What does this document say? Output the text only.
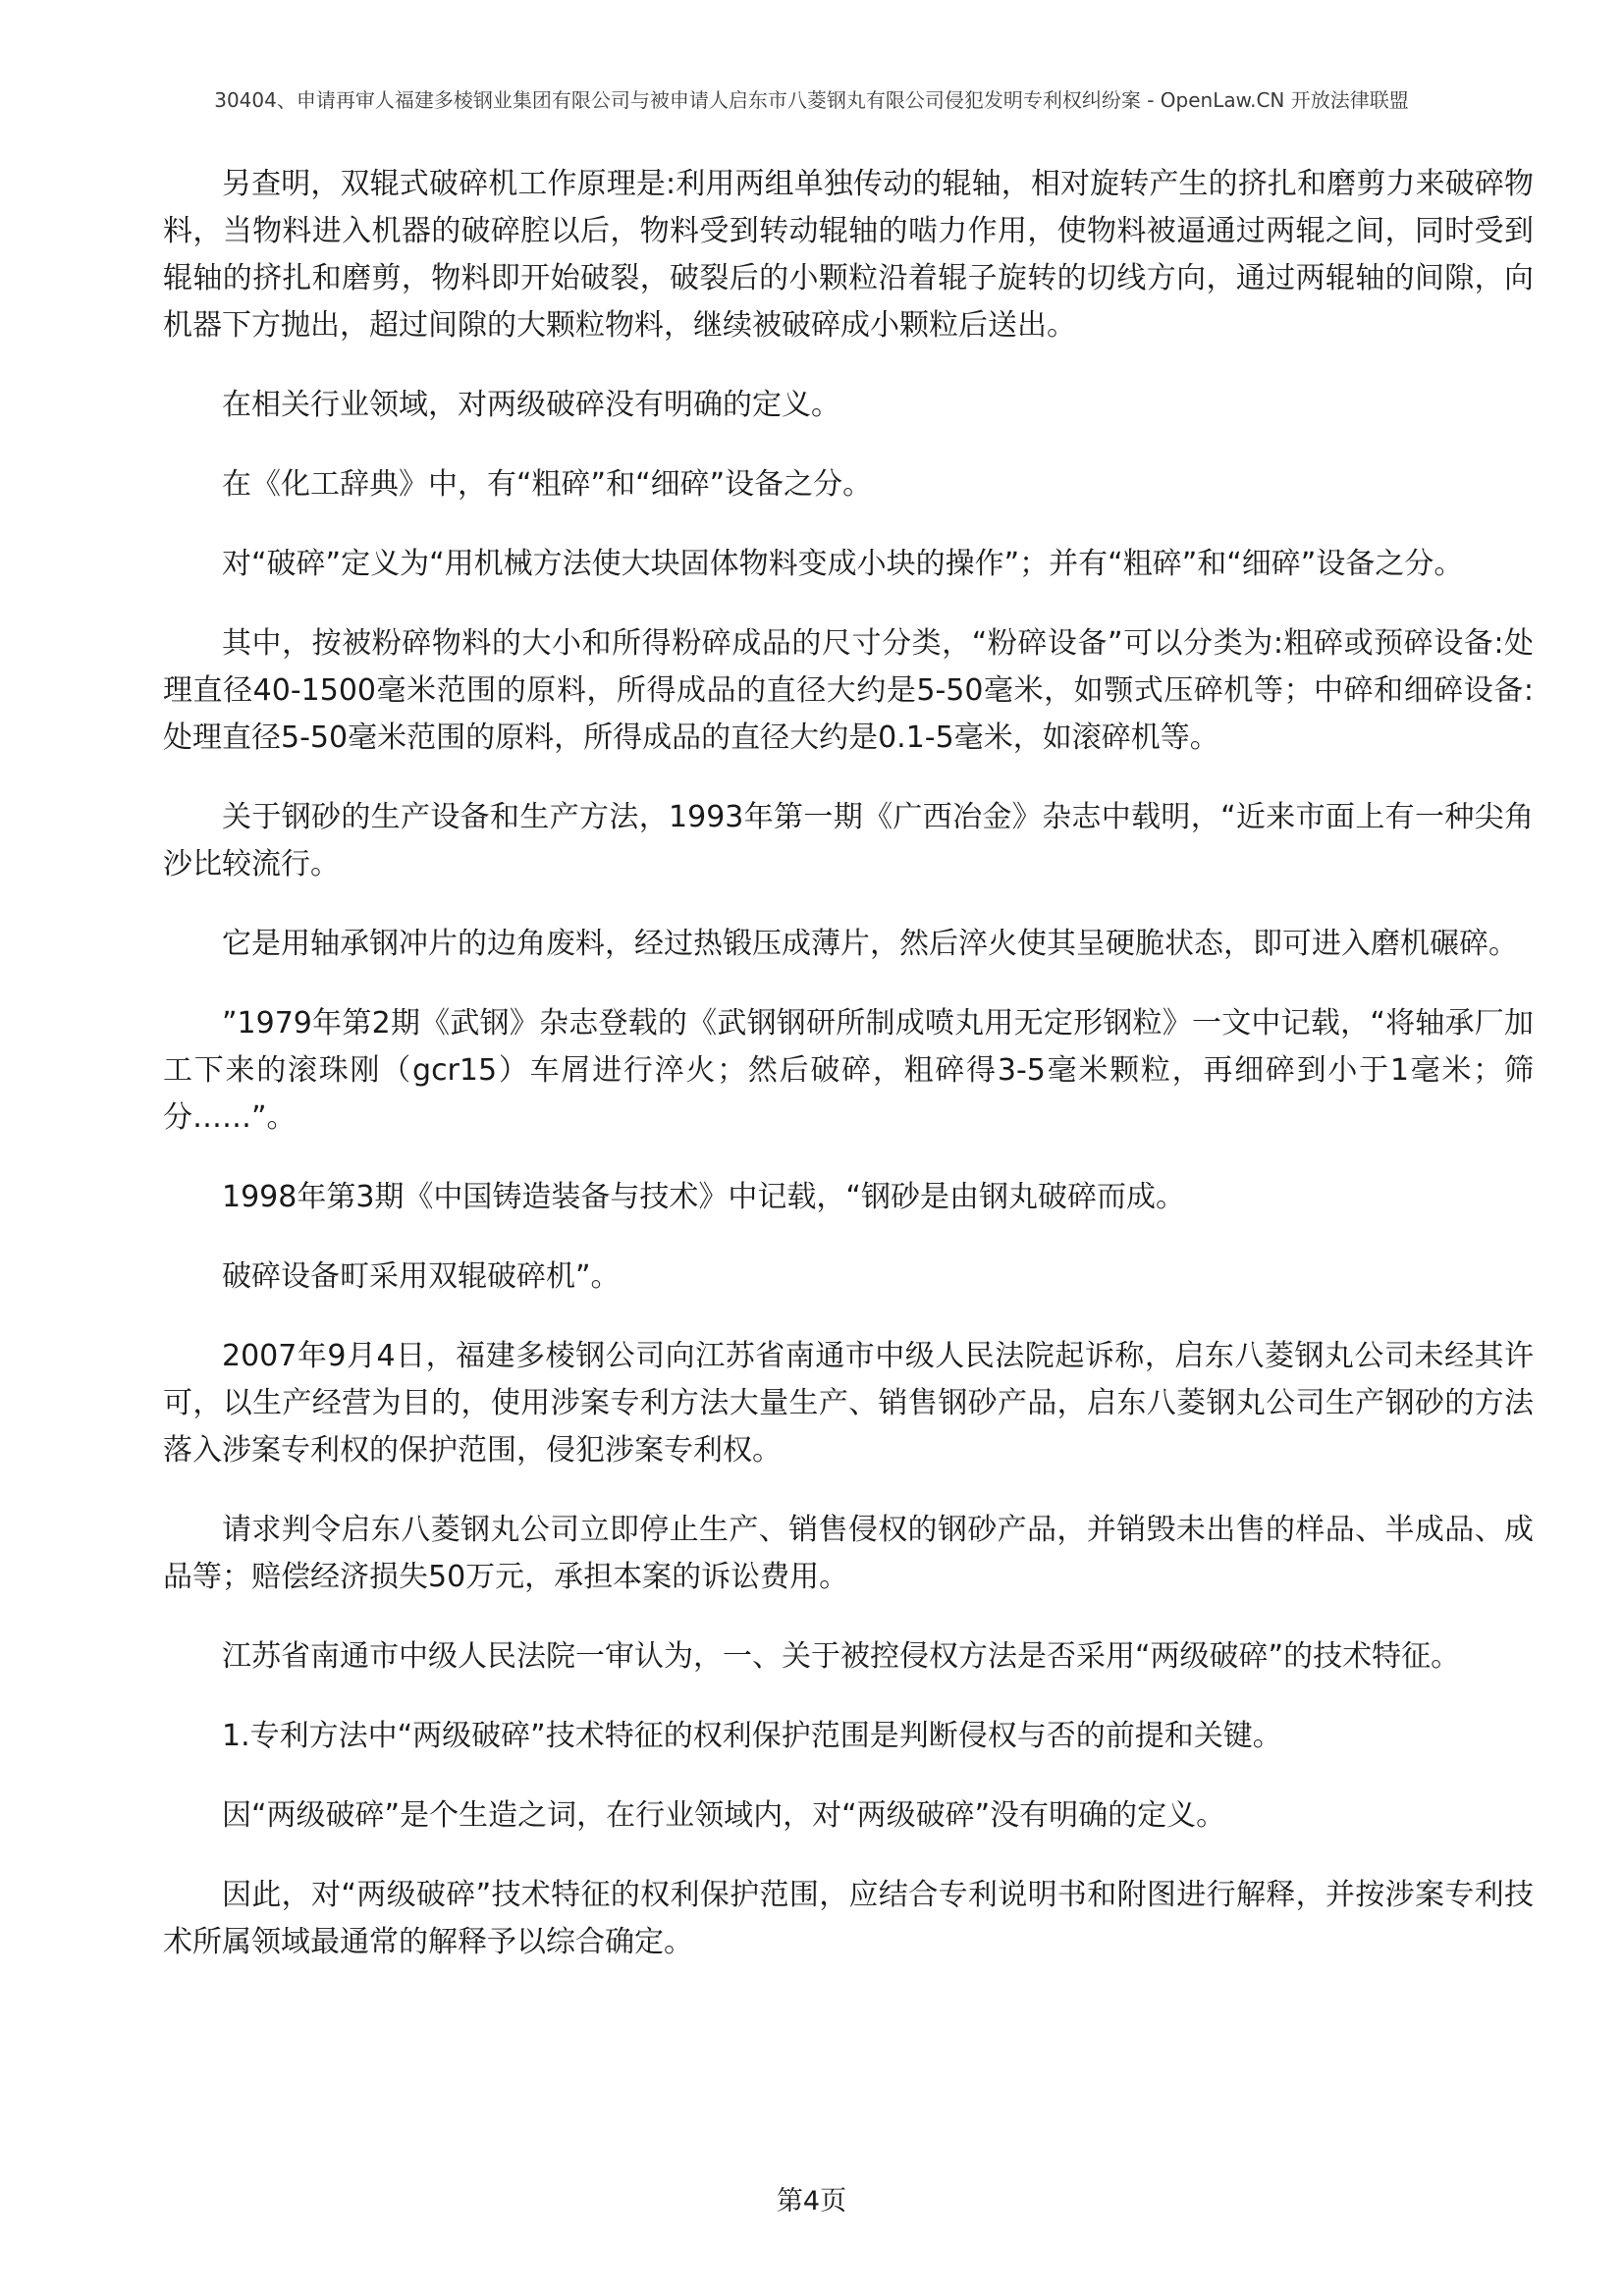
30404、申请再审人福建多棱钢业集团有限公司与被申请人启东市八菱钢丸有限公司侵犯发明专利权纠纷案 - OpenLaw.CN 开放法律联盟

另查明，双辊式破碎机工作原理是:利用两组单独传动的辊轴，相对旋转产生的挤扎和磨剪力来破碎物料，当物料进入机器的破碎腔以后，物料受到转动辊轴的啮力作用，使物料被逼通过两辊之间，同时受到辊轴的挤扎和磨剪，物料即开始破裂，破裂后的小颗粒沿着辊子旋转的切线方向，通过两辊轴的间隙，向机器下方抛出，超过间隙的大颗粒物料，继续被破碎成小颗粒后送出。

在相关行业领域，对两级破碎没有明确的定义。

在《化工辞典》中，有“粗碎”和“细碎”设备之分。

对“破碎”定义为“用机械方法使大块固体物料变成小块的操作”；并有“粗碎”和“细碎”设备之分。

其中，按被粉碎物料的大小和所得粉碎成品的尺寸分类，“粉碎设备”可以分类为:粗碎或预碎设备:处理直径40-1500毫米范围的原料，所得成品的直径大约是5-50毫米，如颚式压碎机等；中碎和细碎设备:处理直径5-50毫米范围的原料，所得成品的直径大约是0.1-5毫米，如滚碎机等。

关于钢砂的生产设备和生产方法，1993年第一期《广西冶金》杂志中载明，“近来市面上有一种尖角沙比较流行。

它是用轴承钢冲片的边角废料，经过热锻压成薄片，然后淬火使其呈硬脆状态，即可进入磨机碾碎。

”1979年第2期《武钢》杂志登载的《武钢钢研所制成喷丸用无定形钢粒》一文中记载，“将轴承厂加工下来的滚珠刚（gcr15）车屑进行淬火；然后破碎，粗碎得3-5毫米颗粒，再细碎到小于1毫米；筛分……”。

1998年第3期《中国铸造装备与技术》中记载，“钢砂是由钢丸破碎而成。

破碎设备町采用双辊破碎机”。

2007年9月4日，福建多棱钢公司向江苏省南通市中级人民法院起诉称，启东八菱钢丸公司未经其许可，以生产经营为目的，使用涉案专利方法大量生产、销售钢砂产品，启东八菱钢丸公司生产钢砂的方法落入涉案专利权的保护范围，侵犯涉案专利权。

请求判令启东八菱钢丸公司立即停止生产、销售侵权的钢砂产品，并销毁未出售的样品、半成品、成品等；赔偿经济损失50万元，承担本案的诉讼费用。

江苏省南通市中级人民法院一审认为，一、关于被控侵权方法是否采用“两级破碎”的技术特征。

1.专利方法中“两级破碎”技术特征的权利保护范围是判断侵权与否的前提和关键。

因“两级破碎”是个生造之词，在行业领域内，对“两级破碎”没有明确的定义。

因此，对“两级破碎”技术特征的权利保护范围，应结合专利说明书和附图进行解释，并按涉案专利技术所属领域最通常的解释予以综合确定。

第4页
